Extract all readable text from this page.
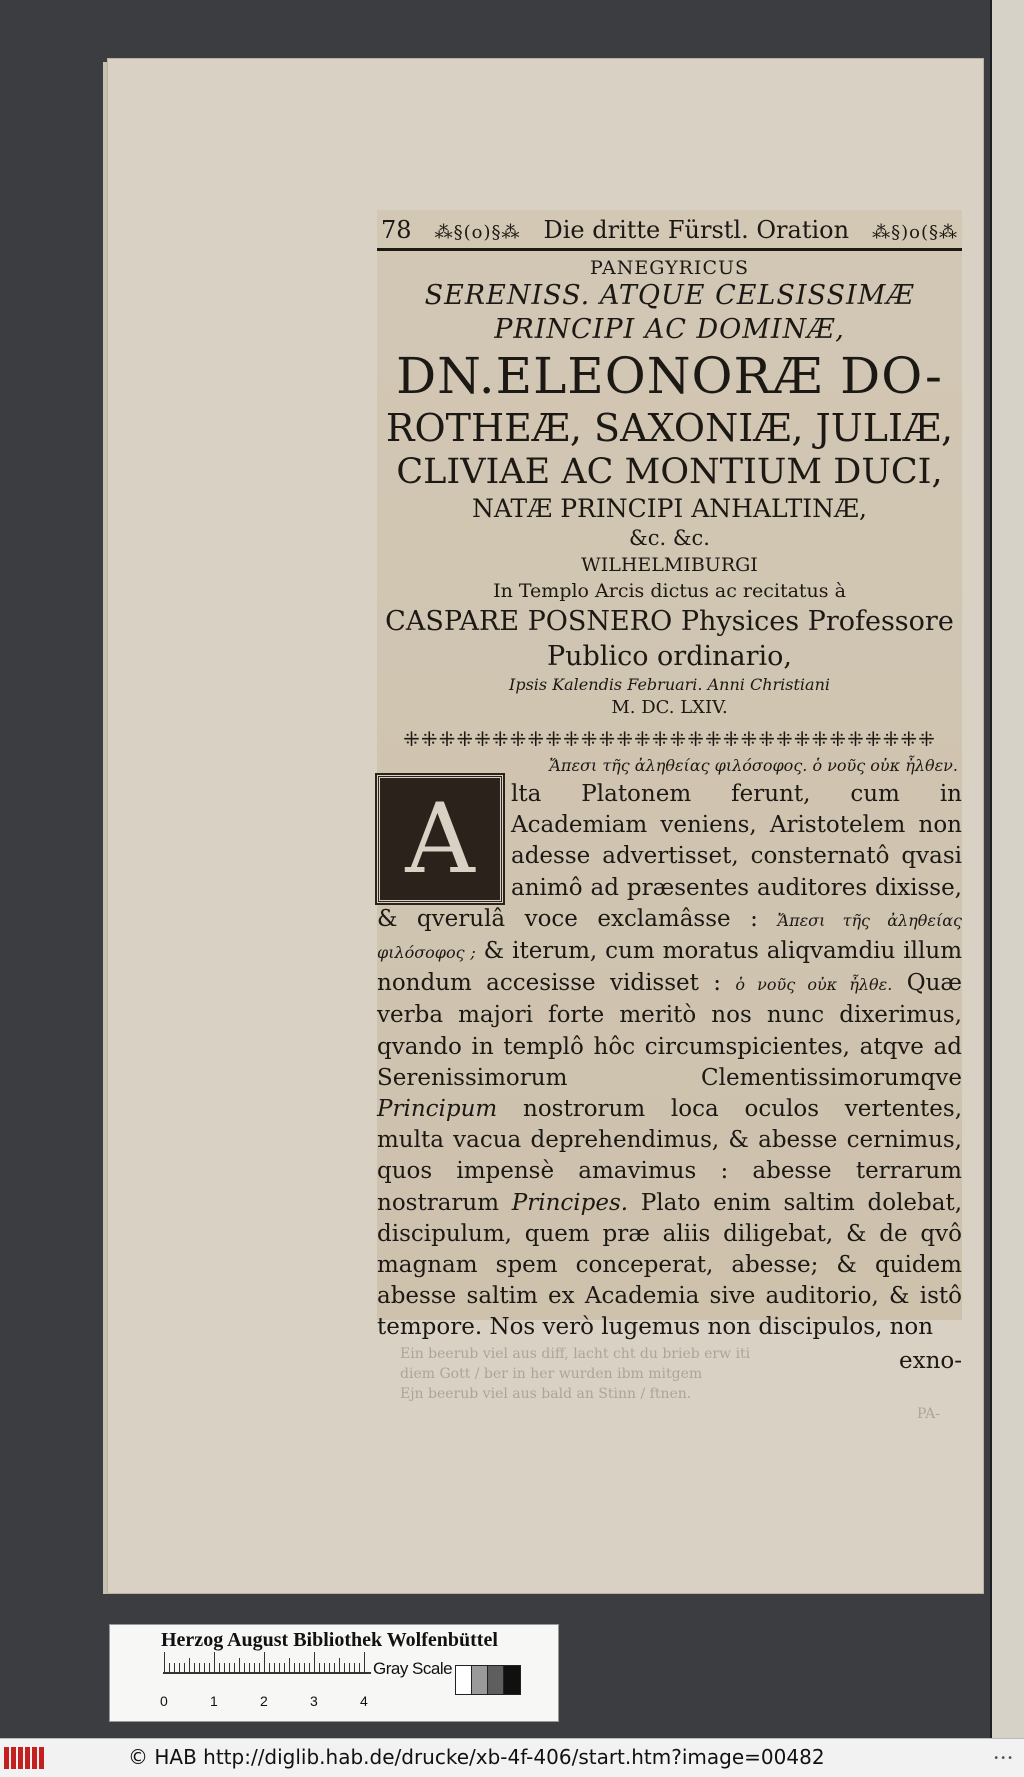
78 ⁂§(o)§⁂ Die dritte Fürstl. Oration ⁂§)o(§⁂
PANEGYRICUS
SERENISS. ATQUE CELSISSIMÆ
PRINCIPI AC DOMINÆ,
DN.ELEONORÆ DO-
ROTHEÆ, SAXONIÆ, JULIÆ,
CLIVIAE AC MONTIUM DUCI,
NATÆ PRINCIPI ANHALTINÆ,
&c. &c.
WILHELMIBURGI
In Templo Arcis dictus ac recitatus à
CASPARE POSNERO Physices Professore
Publico ordinario,
Ipsis Kalendis Februari. Anni Christiani
M. DC. LXIV.
⁜⁜⁜⁜⁜⁜⁜⁜⁜⁜⁜⁜⁜⁜⁜⁜⁜⁜⁜⁜⁜⁜⁜⁜⁜⁜⁜⁜⁜⁜
Ἄπεσι τῆς ἀληθείας φιλόσοφος. ὁ νοῦς οὐκ ἦλθεν.
A	lta Platonem ferunt, cum in Academiam veniens, Aristotelem non adesse advertisset, consternatô qvasi animô ad præsentes auditores dixisse, & qverulâ voce exclamâsse : Ἄπεσι τῆς ἀληθείας φιλόσοφος ; & iterum, cum moratus aliqvamdiu illum nondum accesisse vidisset : ὁ νοῦς οὐκ ἦλθε. Quæ verba majori forte meritò nos nunc dixerimus, qvando in templô hôc circumspicientes, atqve ad Serenissimorum Clementissimorumqve Principum nostrorum loca oculos vertentes, multa vacua deprehendimus, & abesse cernimus, quos impensè amavimus : abesse terrarum nostrarum Principes. Plato enim saltim dolebat, discipulum, quem præ aliis diligebat, & de qvô magnam spem conceperat, abesse; & quidem abesse saltim ex Academia sive auditorio, & istô tempore. Nos verò lugemus non discipulos, non

exno-
Ein beerub viel aus diff, lacht cht du brieb erw iti
diem Gott / ber in her wurden ibm mitgem
Ejn beerub viel aus bald an Stinn / ftnen.
PA-
Herzog August Bibliothek Wolfenbüttel
0	1	2	3	4
Gray Scale
© HAB http://diglib.hab.de/drucke/xb-4f-406/start.htm?image=00482	•••
